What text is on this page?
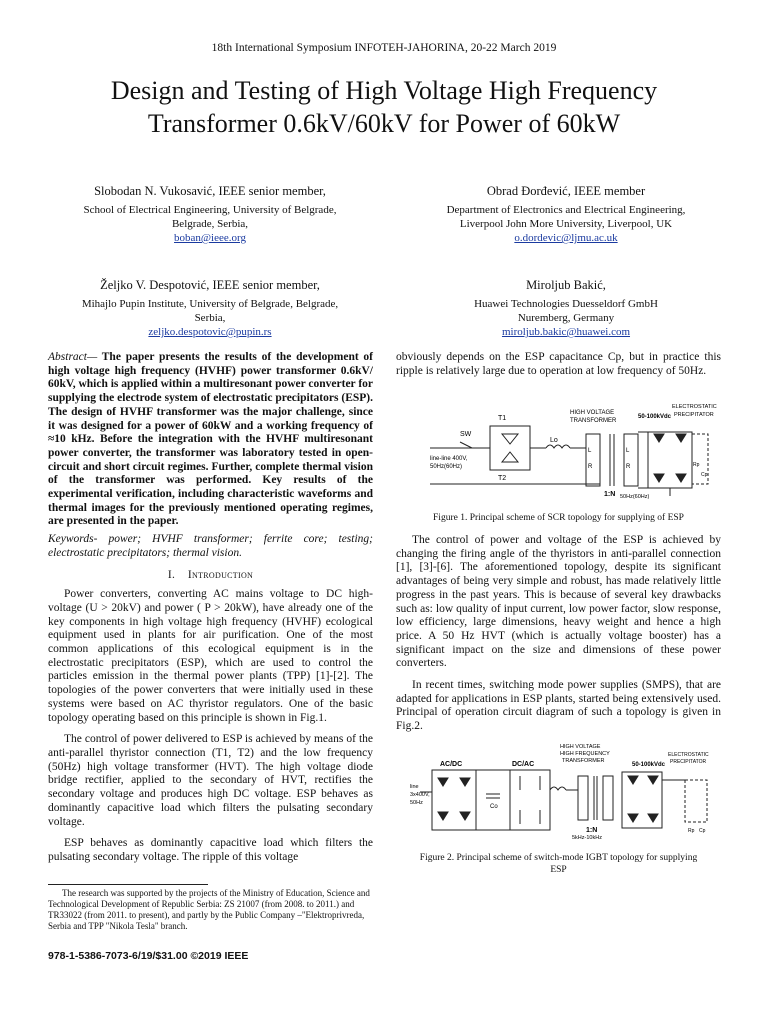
18th International Symposium INFOTEH-JAHORINA, 20-22 March 2019
Design and Testing of High Voltage High Frequency
Transformer 0.6kV/60kV for Power of 60kW
Slobodan N. Vukosavić, IEEE senior member,
School of Electrical Engineering, University of Belgrade,
Belgrade, Serbia,
boban@ieee.org
Obrad Đorđević, IEEE member
Department of Electronics and Electrical Engineering,
Liverpool John More University, Liverpool, UK
o.dordevic@ljmu.ac.uk
Željko V. Despotović, IEEE senior member,
Mihajlo Pupin Institute, University of Belgrade, Belgrade,
Serbia,
zeljko.despotovic@pupin.rs
Miroljub Bakić,
Huawei Technologies Duesseldorf GmbH
Nuremberg, Germany
miroljub.bakic@huawei.com

Abstract— The paper presents the results of the development of high voltage high frequency (HVHF) power transformer 0.6kV/ 60kV, which is applied within a multiresonant power converter for supplying the electrode system of electrostatic precipitators (ESP). The design of HVHF transformer was the major challenge, since it was designed for a power of 60kW and a working frequency of ≈10 kHz. Before the integration with the HVHF multiresonant power converter, the transformer was laboratory tested in open-circuit and short circuit regimes. Further, complete thermal vision of the transformer was performed. Key results of the experimental verification, including characteristic waveforms and thermal images for the previously mentioned operating regimes, are presented in the paper.

Keywords- power; HVHF transformer; ferrite core; testing; electrostatic precipitators; thermal vision.

I. Introduction

Power converters, converting AC mains voltage to DC high-voltage (U > 20kV) and power ( P > 20kW), have already one of the key components in high voltage high frequency (HVHF) ecological equipment used in plants for air purification. One of the most common applications of this ecological equipment is in the electrostatic precipitators (ESP), which are used to control the particles emission in the thermal power plants (TPP) [1]-[2]. The topologies of the power converters that were initially used in these systems were based on AC thyristor regulators. One of the basic topology operating based on this principle is shown in Fig.1.

The control of power delivered to ESP is achieved by means of the anti-parallel thyristor connection (T1, T2) and the low frequency (50Hz) high voltage transformer (HVT). The high voltage diode bridge rectifier, applied to the secondary of HVT, rectifies the secondary voltage and produces high DC voltage. ESP behaves as dominantly capacitive load which filters the pulsating secondary voltage.

ESP behaves as dominantly capacitive load which filters the pulsating secondary voltage. The ripple of this voltage

The research was supported by the projects of the Ministry of Education, Science and Technological Development of Republic Serbia: ZS 21007 (from 2008. to 2011.) and TR33022 (from 2011. to present), and partly by the Public Company –"Elektroprivreda, Serbia and TPP "Nikola Tesla" branch.
978-1-5386-7073-6/19/$31.00 ©2019 IEEE

obviously depends on the ESP capacitance Cp, but in practice this ripple is relatively large due to operation at low frequency of 50Hz.

T1
T2
SW
Lo
line-line 400V,
50Hz(60Hz)
HIGH VOLTAGE
TRANSFORMER
50-100kVdc
ELECTROSTATIC
PRECIPITATOR
1:N 50Hz(60Hz)
L
R
L
R	Rp
Cp
Figure 1. Principal scheme of SCR topology for supplying of ESP

The control of power and voltage of the ESP is achieved by changing the firing angle of the thyristors in anti-parallel connection [1], [3]-[6]. The aforementioned topology, despite its significant advantages of being very simple and robust, has made relatively little progress in the past years. This is because of several key drawbacks such as: low quality of input current, low power factor, slow response, low efficiency, large dimensions, heavy weight and hence a high price. A 50 Hz HVT (which is actually voltage booster) has a significant impact on the size and dimensions of these power converters.

In recent times, switching mode power supplies (SMPS), that are adapted for applications in ESP plants, started being extensively used. Principal of operation circuit diagram of such a topology is given in Fig.2.

AC/DC	DC/AC
HIGH VOLTAGE
HIGH FREQUENCY
TRANSFORMER
50-100kVdc
ELECTROSTATIC
PRECIPITATOR
line
3x400V,
50Hz
Co
1:N
5kHz-10kHz
Rp Cp
Figure 2. Principal scheme of switch-mode IGBT topology for supplying
ESP
